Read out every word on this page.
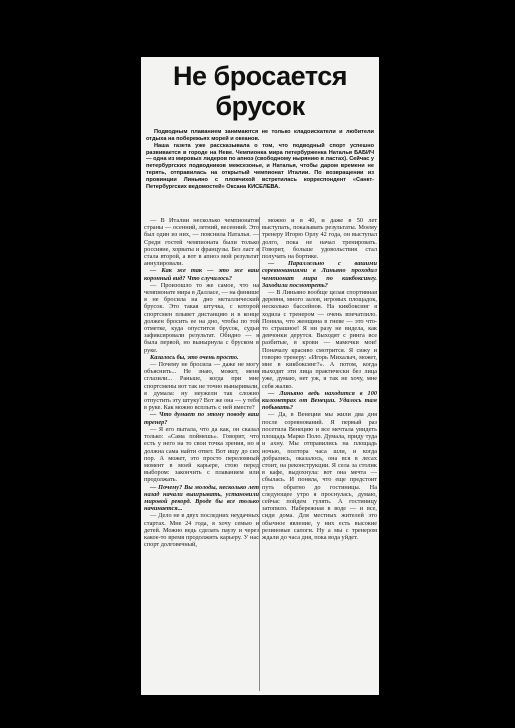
Не бросается
брусок

Подводным плаванием занимаются не только кладоискатели и любители отдыха на побережьях морей и океанов.

Наша газета уже рассказывала о том, что подводный спорт успешно развивается в городе на Неве. Чемпионка мира петербурженка Наталья БАБИЧ — одна из мировых лидеров по апноэ (свободному нырянию в ластах). Сейчас у петербургских подводников межсезонье, и Наталья, чтобы даром времени не терять, отправилась на открытый чемпионат Италии. По возвращении из провинции Линьяно с пловчихой встретилась корреспондент «Санкт-Петербургских ведомостей» Оксана КИСЕЛЕВА.

— В Италии несколько чемпионатов страны — осенний, летний, весенний. Это был один из них, — пояснила Наталья. — Среди гостей чемпионата были только россияне, хорваты и французы. Без ласт я стала второй, а вот в апноэ мой результат аннулировали.

— Как же так — это же ваш коронный вид? Что случилось?

— Произошло то же самое, что на чемпионате мира в Далласе, — на финише я не бросила на дно металлический брусок. Это такая штучка, с которой спортсмен плывет дистанцию и в конце должен бросить ее на дно, чтобы по той отметке, куда опустится брусок, судьи зафиксировали результат. Обидно — я была первой, но вынырнула с бруском в руке.

Казалось бы, это очень просто.

— Почему не бросила — даже не могу объяснить... Не знаю, может, меня сглазили... Раньше, когда при мне спортсмены вот так не точно выныривали, я думала: ну неужели так сложно отпустить эту штуку? Вот же она — у тебя в руке. Как можно всплыть с ней вместе?

— Что думает по этому поводу ваш тренер?

— Я его пытала, что да как, он сказал только: «Сама поймешь». Говорит, что есть у него на то свои точка зрения, но я должна сама найти ответ. Вот ищу до сих пор. А может, это просто переломный момент в моей карьере, стою перед выбором: закончить с плаванием или продолжать.

— Почему? Вы молоды, несколько лет назад начали выигрывать, установили мировой рекорд. Вроде бы все только начинается...

— Дело не в двух последних неудачных стартах. Мне 24 года, я хочу семью и детей. Можно ведь сделать паузу и через какое-то время продолжить карьеру. У нас спорт долговечный,

можно и в 40, и даже в 50 лет выступать, показывать результаты. Моему тренеру Игорю Орлу 42 года, он выступал долго, пока не начал тренировать. Говорит, больше удовольствия стал получать на бортике.

— Параллельно с вашими соревнованиями в Линьяно проходил чемпионат мира по кикбоксингу. Заходили посмотреть?

— В Линьяно вообще целая спортивная деревня, много залов, игровых площадок, несколько бассейнов. На кикбоксинг я ходила с тренером — очень впечатлило. Поняла, что женщина в гневе — это что-то страшное! Я ни разу не видела, как девчонки дерутся. Выходят с ринга все разбитые, в крови — мамочки мои! Поначалу красиво смотрится. Я сижу и говорю тренеру: «Игорь Михалыч, может, мне в кикбоксинг?». А потом, когда выходят эти лица практически без лица уже, думаю, нет уж, я так не хочу, мне себя жалко.

— Линьяно ведь находится в 100 километрах от Венеции. Удалось там побывать?

— Да, в Венеции мы жили два дня после соревнований. Я первый раз посетила Венецию и все мечтала увидеть площадь Марко Поло. Думала, приду туда и ахну. Мы отправились на площадь ночью, полтора часа шли, и когда добрались, оказалось, она вся в лесах стоит, на реконструкции. Я села за столик в кафе, выдохнула: вот она мечта — сбылась. И поняла, что еще предстоит путь обратно до гостиницы. На следующее утро я проснулась, думаю, сейчас пойдем гулять. А гостиницу затопило. Набережная в воде — и все, сиди дома. Для местных жителей это обычное явление, у них есть высокие резиновые сапоги. Ну а мы с тренером ждали до часа дня, пока вода уйдет.
